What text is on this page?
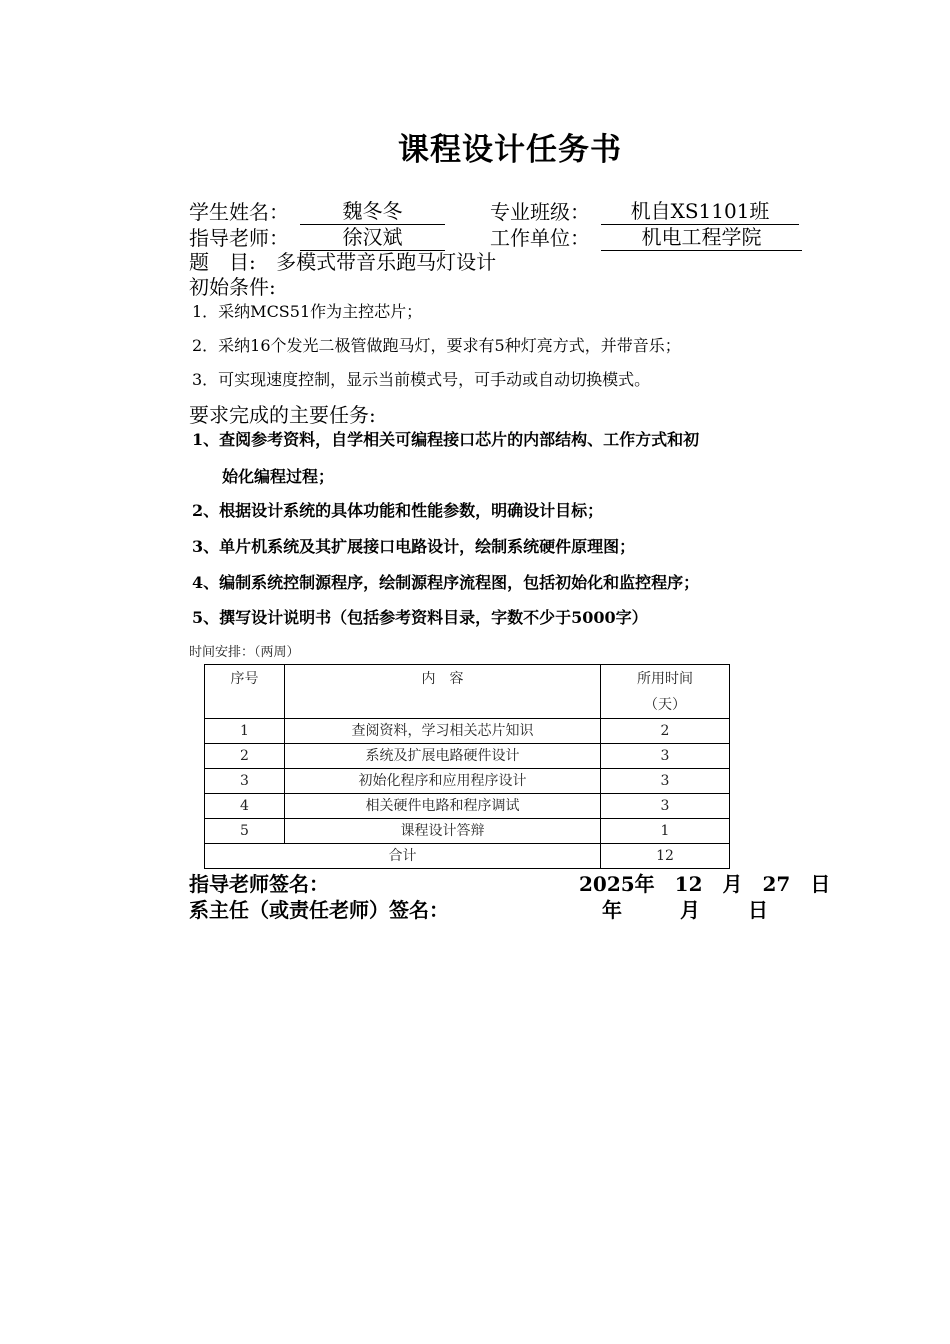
课程设计任务书
学生姓名：	魏冬冬	专业班级：	机自XS1101班
指导老师：	徐汉斌	工作单位：	机电工程学院
题　目: 多模式带音乐跑马灯设计
初始条件:
1．采纳MCS51作为主控芯片；
2．采纳16个发光二极管做跑马灯，要求有5种灯亮方式，并带音乐；
3．可实现速度控制，显示当前模式号，可手动或自动切换模式。
要求完成的主要任务:
1、查阅参考资料，自学相关可编程接口芯片的内部结构、工作方式和初
始化编程过程；
2、根据设计系统的具体功能和性能参数，明确设计目标；
3、单片机系统及其扩展接口电路设计，绘制系统硬件原理图；
4、编制系统控制源程序，绘制源程序流程图，包括初始化和监控程序；
5、撰写设计说明书（包括参考资料目录，字数不少于5000字）
时间安排：（两周）
序号	内　容	所用时间
（天）

1	查阅资料，学习相关芯片知识	2
2	系统及扩展电路硬件设计	3
3	初始化程序和应用程序设计	3
4	相关硬件电路和程序调试	3
5	课程设计答辩	1
合计		12
指导老师签名：	2025年　12　月　27　日
系主任（或责任老师）签名：	年	月 日
